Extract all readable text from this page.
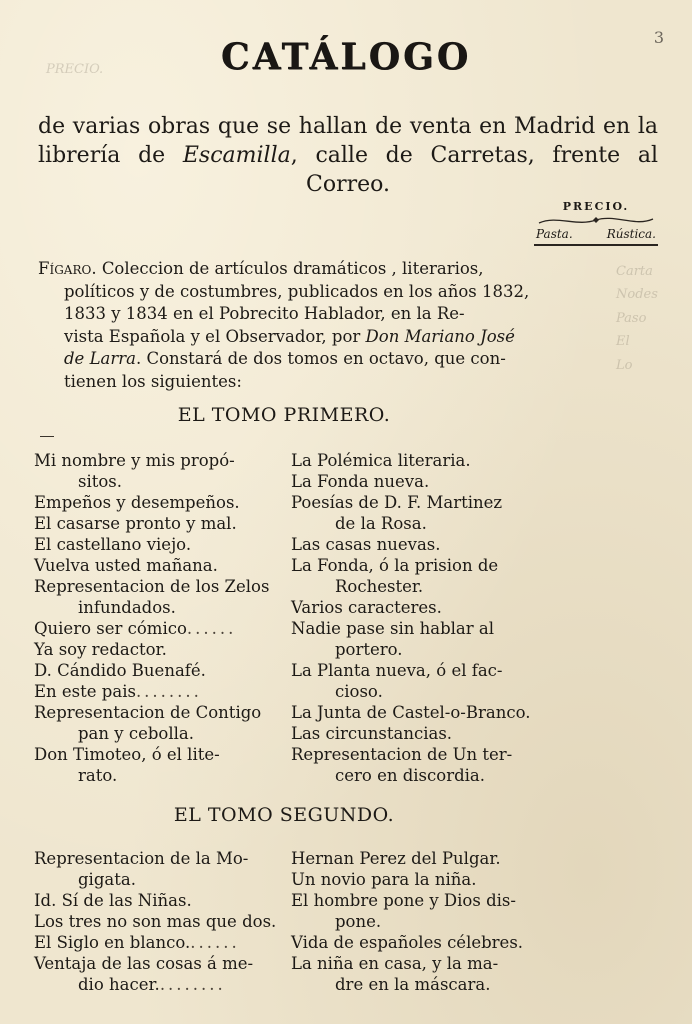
3
PRECIO.
Carta
Nodes
Paso
El
Lo
CATÁLOGO
de varias obras que se hallan de venta en Madrid en la librería de Escamilla, calle de Carretas, frente al Correo.
PRECIO.
Pasta.	Rústica.
Fígaro. Coleccion de artículos dramáticos , literarios,
políticos y de costumbres, publicados en los años 1832,
1833 y 1834 en el Pobrecito Hablador, en la Re-
vista Española y el Observador, por Don Mariano José
de Larra. Constará de dos tomos en octavo, que con-
tienen los siguientes:
EL TOMO PRIMERO.
Mi nombre y mis propó-
sitos.
Empeños y desempeños.
El casarse pronto y mal.
El castellano viejo.
Vuelva usted mañana.
Representacion de los Zelos
infundados.
Quiero ser cómico......
Ya soy redactor.
D. Cándido Buenafé.
En este pais........
Representacion de Contigo
pan y cebolla.
Don Timoteo, ó el lite-
rato.
La Polémica literaria.
La Fonda nueva.
Poesías de D. F. Martinez
de la Rosa.
Las casas nuevas.
La Fonda, ó la prision de
Rochester.
Varios caracteres.
Nadie pase sin hablar al
portero.
La Planta nueva, ó el fac-
cioso.
La Junta de Castel-o-Branco.
Las circunstancias.
Representacion de Un ter-
cero en discordia.
EL TOMO SEGUNDO.
Representacion de la Mo-
gigata.
Id. Sí de las Niñas.
Los tres no son mas que dos.
El Siglo en blanco.......
Ventaja de las cosas á me-
dio hacer.........
Hernan Perez del Pulgar.
Un novio para la niña.
El hombre pone y Dios dis-
pone.
Vida de españoles célebres.
La niña en casa, y la ma-
dre en la máscara.
